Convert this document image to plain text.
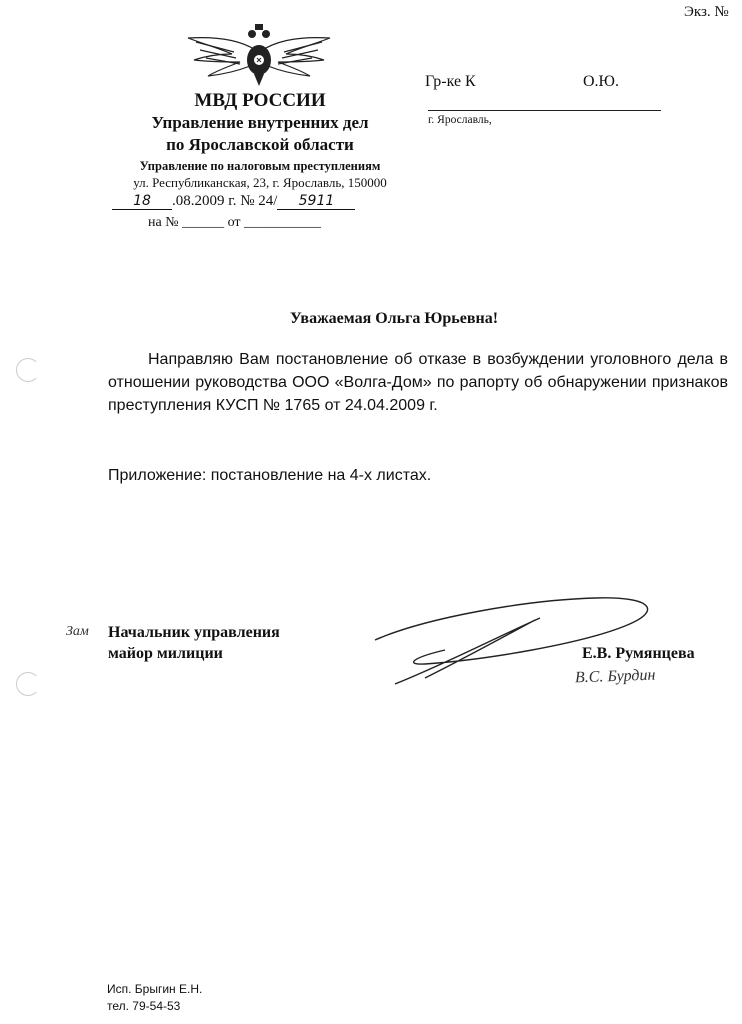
Экз. №
МВД РОССИИ
Управление внутренних дел
по Ярославской области
Управление по налоговым преступлениям
ул. Республиканская, 23, г. Ярославль, 150000
18 .08.2009 г. № 24/ 5911
на № ______ от ___________
Гр-ке К	О.Ю.
г. Ярославль,
Уважаемая Ольга Юрьевна!

Направляю Вам постановление об отказе в возбуждении уголовного дела в отношении руководства ООО «Волга-Дом» по рапорту об обнаружении признаков преступления КУСП № 1765 от 24.04.2009 г.

Приложение: постановление на 4-х листах.
Зам Начальник управления
майор милиции	Е.В. Румянцева
В.С. Бурдин
Исп. Брыгин Е.Н.
тел. 79-54-53
